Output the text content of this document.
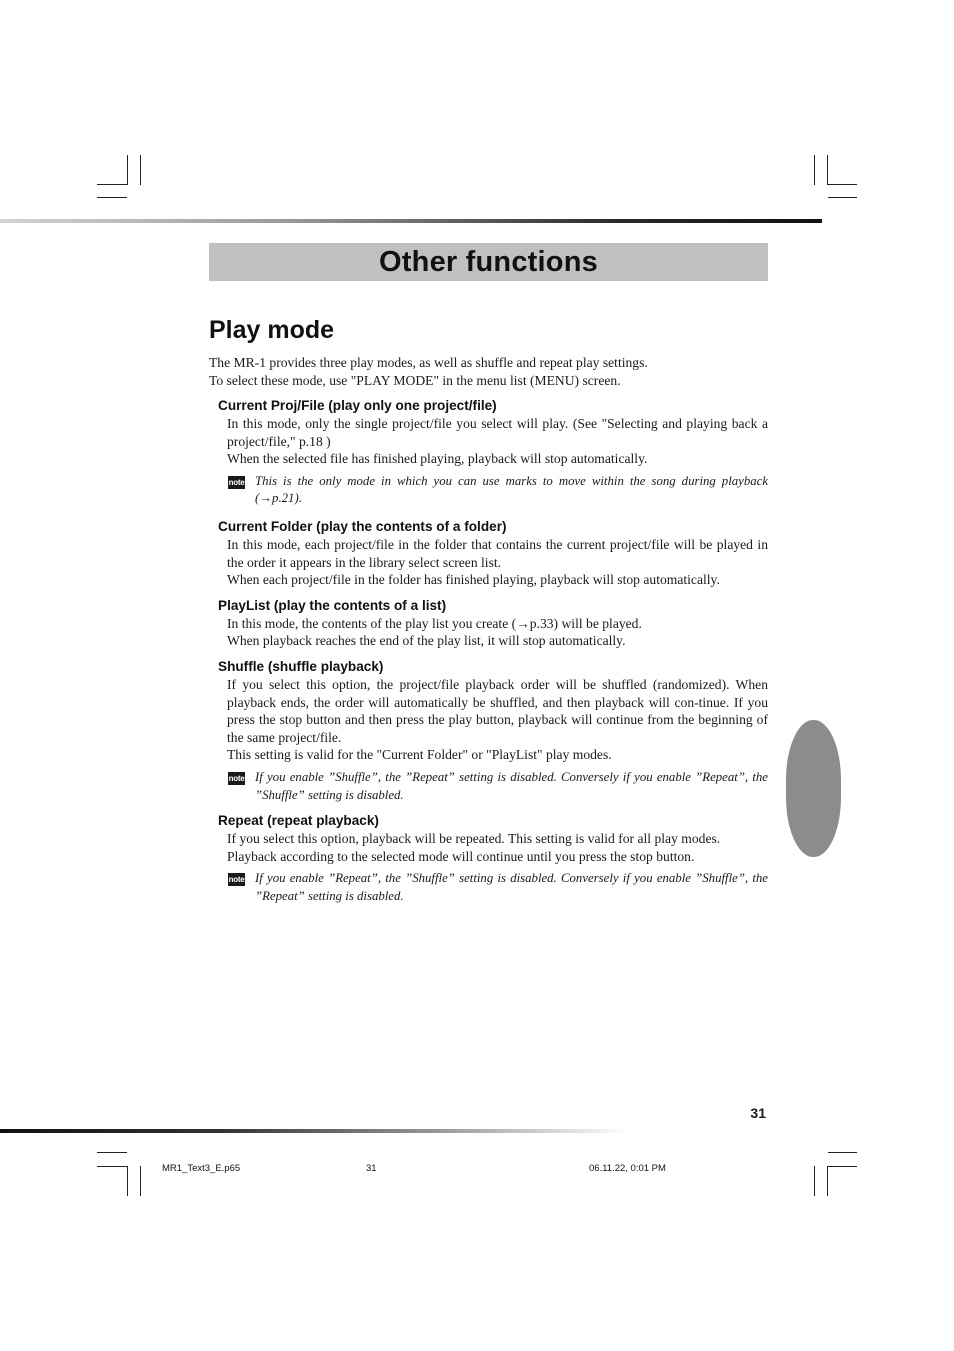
Other functions
Play mode

The MR-1 provides three play modes, as well as shuffle and repeat play settings.

To select these mode, use "PLAY MODE" in the menu list (MENU) screen.

Current Proj/File (play only one project/file)

In this mode, only the single project/file you select will play. (See "Selecting and playing back a project/file," p.18 )

When the selected file has finished playing, playback will stop automatically.

note This is the only mode in which you can use marks to move within the song during playback (→p.21).

Current Folder (play the contents of a folder)

In this mode, each project/file in the folder that contains the current project/file will be played in the order it appears in the library select screen list.

When each project/file in the folder has finished playing, playback will stop automatically.

PlayList (play the contents of a list)

In this mode, the contents of the play list you create (→p.33) will be played.

When playback reaches the end of the play list, it will stop automatically.

Shuffle (shuffle playback)

If you select this option, the project/file playback order will be shuffled (randomized). When playback ends, the order will automatically be shuffled, and then playback will con-tinue. If you press the stop button and then press the play button, playback will continue from the beginning of the same project/file.

This setting is valid for the "Current Folder" or "PlayList" play modes.

note If you enable ”Shuffle”, the ”Repeat” setting is disabled. Conversely if you enable ”Repeat”, the ”Shuffle” setting is disabled.

Repeat (repeat playback)

If you select this option, playback will be repeated. This setting is valid for all play modes.

Playback according to the selected mode will continue until you press the stop button.

note If you enable ”Repeat”, the ”Shuffle” setting is disabled. Conversely if you enable ”Shuffle”, the ”Repeat” setting is disabled.

31
MR1_Text3_E.p65	31	06.11.22, 0:01 PM
